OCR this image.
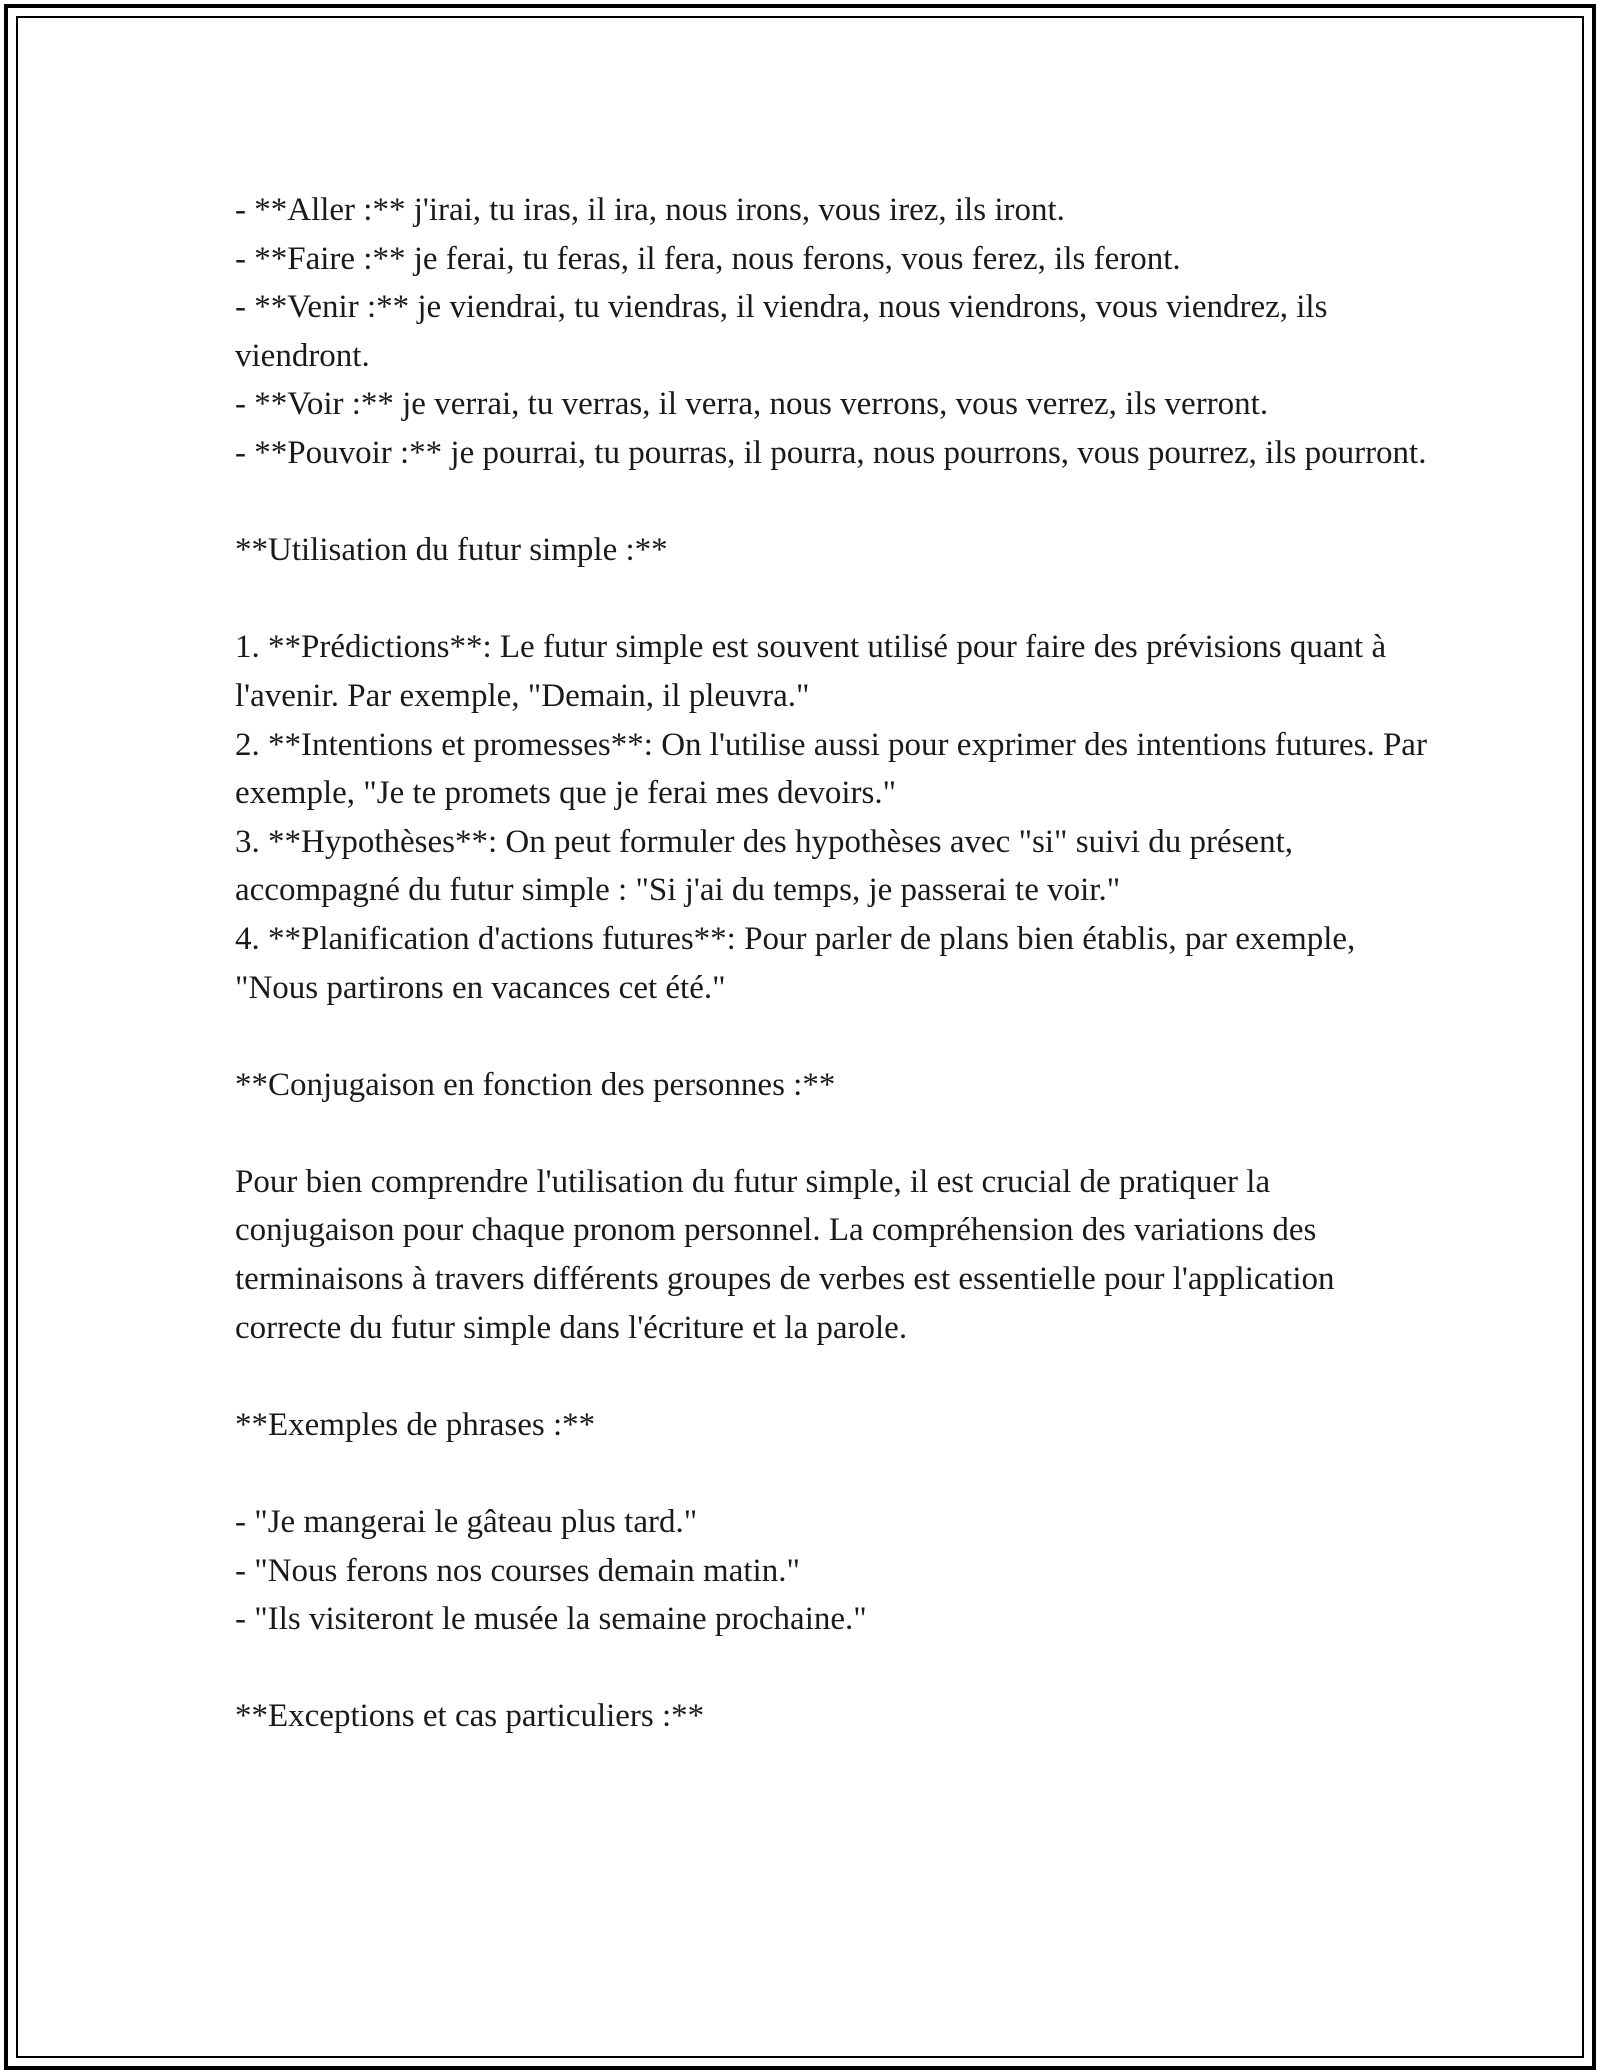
- **Aller :** j'irai, tu iras, il ira, nous irons, vous irez, ils iront.

- **Faire :** je ferai, tu feras, il fera, nous ferons, vous ferez, ils feront.

- **Venir :** je viendrai, tu viendras, il viendra, nous viendrons, vous viendrez, ils viendront.

- **Voir :** je verrai, tu verras, il verra, nous verrons, vous verrez, ils verront.

- **Pouvoir :** je pourrai, tu pourras, il pourra, nous pourrons, vous pourrez, ils pourront.

**Utilisation du futur simple :**

1. **Prédictions**: Le futur simple est souvent utilisé pour faire des prévisions quant à l'avenir. Par exemple, "Demain, il pleuvra."

2. **Intentions et promesses**: On l'utilise aussi pour exprimer des intentions futures. Par exemple, "Je te promets que je ferai mes devoirs."

3. **Hypothèses**: On peut formuler des hypothèses avec "si" suivi du présent, accompagné du futur simple : "Si j'ai du temps, je passerai te voir."

4. **Planification d'actions futures**: Pour parler de plans bien établis, par exemple, "Nous partirons en vacances cet été."

**Conjugaison en fonction des personnes :**

Pour bien comprendre l'utilisation du futur simple, il est crucial de pratiquer la conjugaison pour chaque pronom personnel. La compréhension des variations des terminaisons à travers différents groupes de verbes est essentielle pour l'application correcte du futur simple dans l'écriture et la parole.

**Exemples de phrases :**

- "Je mangerai le gâteau plus tard."

- "Nous ferons nos courses demain matin."

- "Ils visiteront le musée la semaine prochaine."

**Exceptions et cas particuliers :**
